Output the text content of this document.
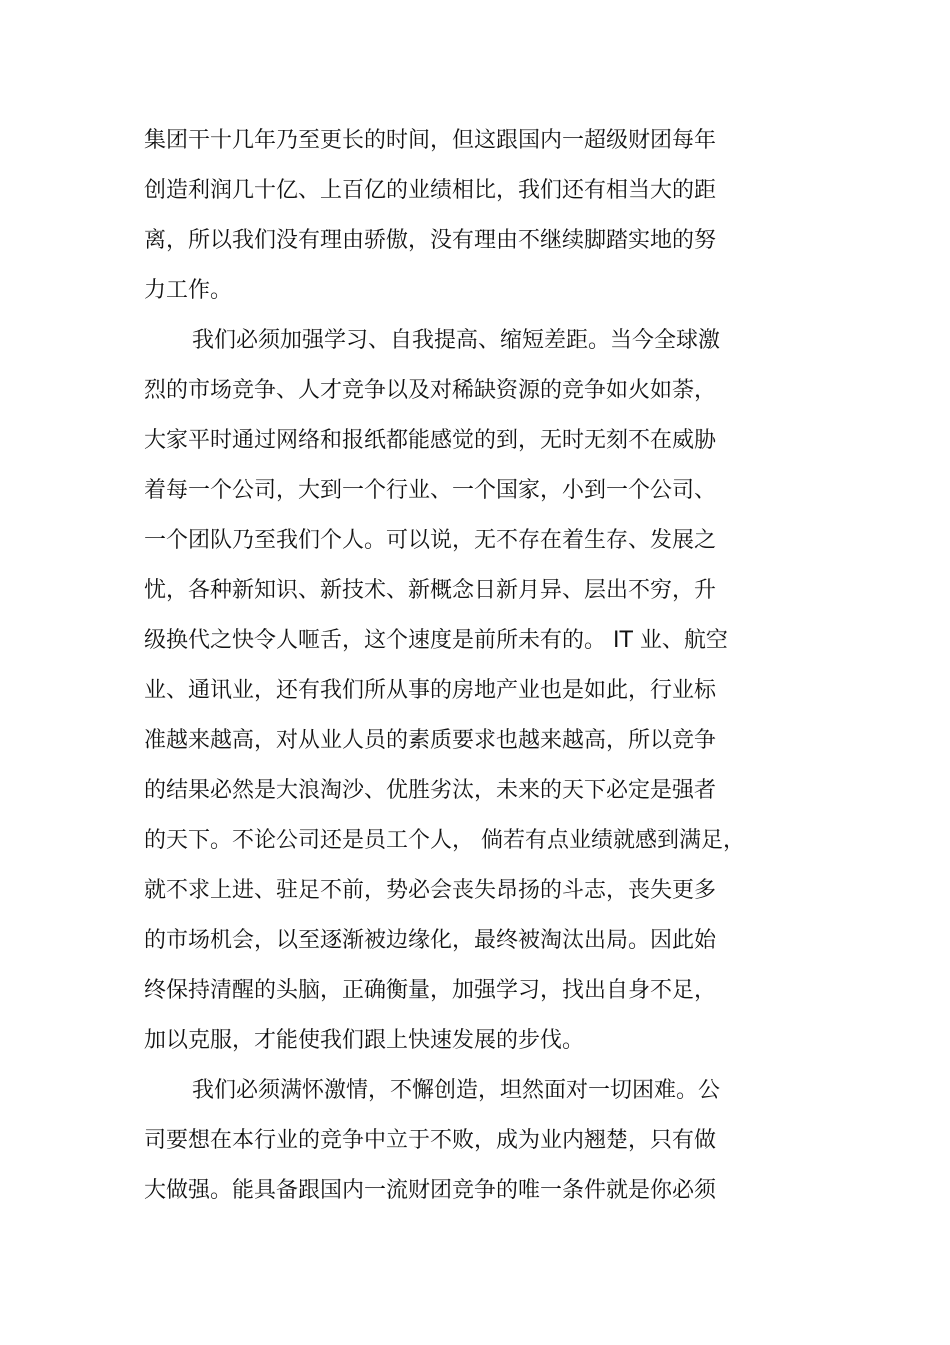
集团干十几年乃至更长的时间，但这跟国内一超级财团每年
创造利润几十亿、上百亿的业绩相比，我们还有相当大的距
离，所以我们没有理由骄傲，没有理由不继续脚踏实地的努
力工作。
我们必须加强学习、自我提高、缩短差距。当今全球激
烈的市场竞争、人才竞争以及对稀缺资源的竞争如火如荼，
大家平时通过网络和报纸都能感觉的到，无时无刻不在威胁
着每一个公司，大到一个行业、一个国家，小到一个公司、
一个团队乃至我们个人。可以说，无不存在着生存、发展之
忧，各种新知识、新技术、新概念日新月异、层出不穷，升
级换代之快令人咂舌，这个速度是前所未有的。 IT 业、航空
业、通讯业，还有我们所从事的房地产业也是如此，行业标
准越来越高，对从业人员的素质要求也越来越高，所以竞争
的结果必然是大浪淘沙、优胜劣汰，未来的天下必定是强者
的天下。不论公司还是员工个人， 倘若有点业绩就感到满足，
就不求上进、驻足不前，势必会丧失昂扬的斗志，丧失更多
的市场机会，以至逐渐被边缘化，最终被淘汰出局。因此始
终保持清醒的头脑，正确衡量，加强学习，找出自身不足，
加以克服，才能使我们跟上快速发展的步伐。
我们必须满怀激情，不懈创造，坦然面对一切困难。公
司要想在本行业的竞争中立于不败，成为业内翘楚，只有做
大做强。能具备跟国内一流财团竞争的唯一条件就是你必须
